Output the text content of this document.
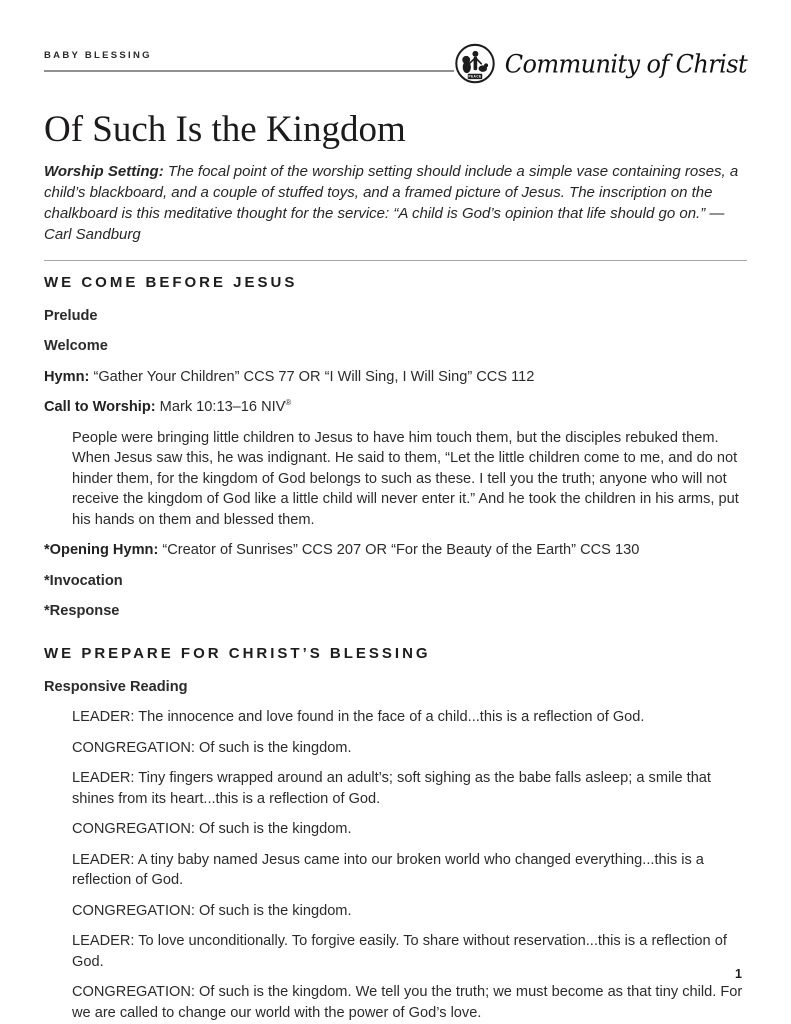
BABY BLESSING
PEACE Community of Christ
Of Such Is the Kingdom

Worship Setting: The focal point of the worship setting should include a simple vase containing roses, a child’s blackboard, and a couple of stuffed toys, and a framed picture of Jesus. The inscription on the chalkboard is this meditative thought for the service: “A child is God’s opinion that life should go on.” —Carl Sandburg

WE COME BEFORE JESUS

Prelude

Welcome

Hymn: “Gather Your Children” CCS 77 OR “I Will Sing, I Will Sing” CCS 112

Call to Worship: Mark 10:13–16 NIV®

People were bringing little children to Jesus to have him touch them, but the disciples rebuked them. When Jesus saw this, he was indignant. He said to them, “Let the little children come to me, and do not hinder them, for the kingdom of God belongs to such as these. I tell you the truth; anyone who will not receive the kingdom of God like a little child will never enter it.” And he took the children in his arms, put his hands on them and blessed them.

*Opening Hymn: “Creator of Sunrises” CCS 207 OR “For the Beauty of the Earth” CCS 130

*Invocation

*Response

WE PREPARE FOR CHRIST’S BLESSING

Responsive Reading

LEADER: The innocence and love found in the face of a child...this is a reflection of God.

CONGREGATION: Of such is the kingdom.

LEADER: Tiny fingers wrapped around an adult’s; soft sighing as the babe falls asleep; a smile that shines from its heart...this is a reflection of God.

CONGREGATION: Of such is the kingdom.

LEADER: A tiny baby named Jesus came into our broken world who changed everything...this is a reflection of God.

CONGREGATION: Of such is the kingdom.

LEADER: To love unconditionally. To forgive easily. To share without reservation...this is a reflection of God.

CONGREGATION: Of such is the kingdom. We tell you the truth; we must become as that tiny child. For we are called to change our world with the power of God’s love.

1
